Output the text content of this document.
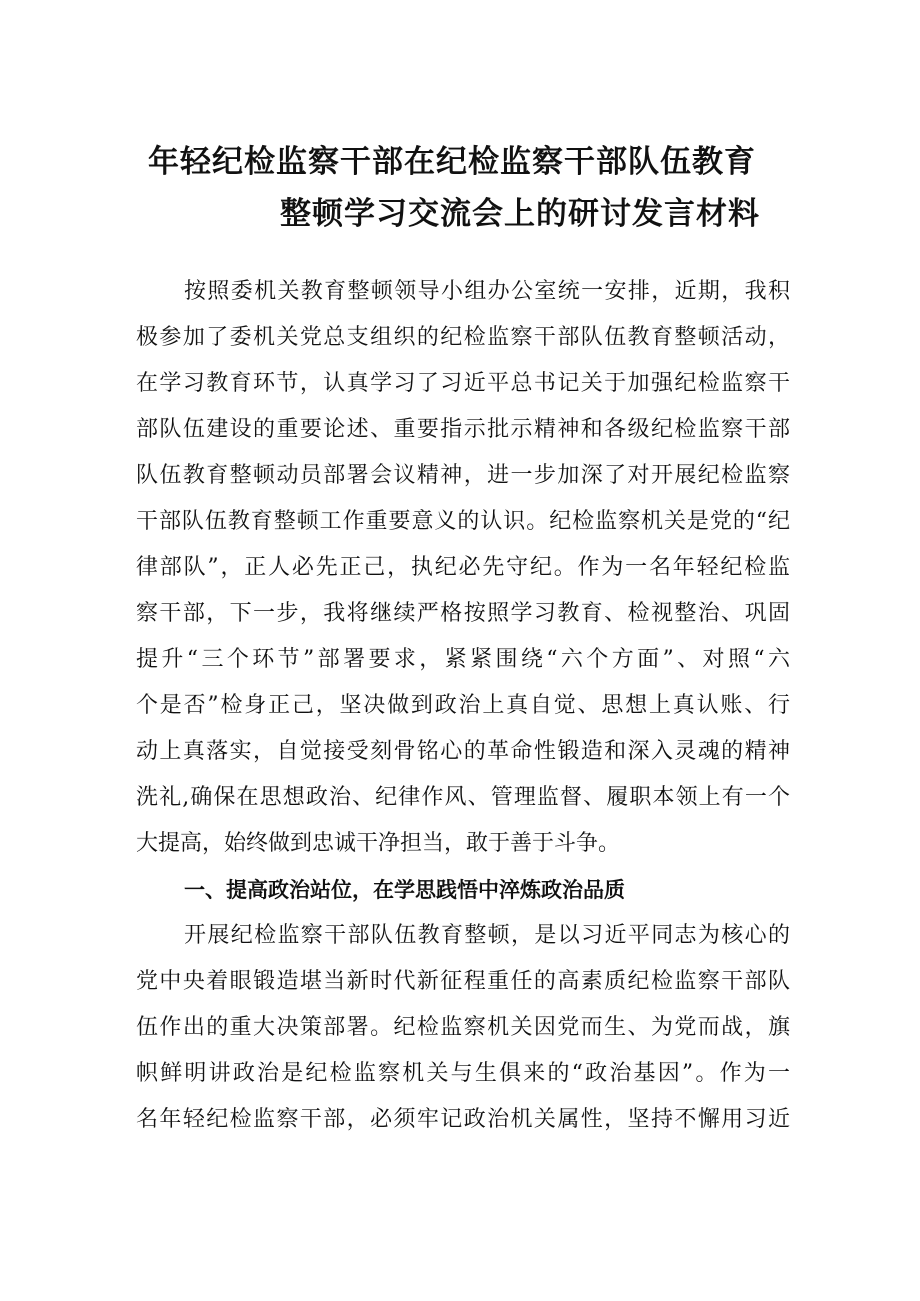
年轻纪检监察干部在纪检监察干部队伍教育
整顿学习交流会上的研讨发言材料
按照委机关教育整顿领导小组办公室统一安排，近期，我积
极参加了委机关党总支组织的纪检监察干部队伍教育整顿活动，
在学习教育环节，认真学习了习近平总书记关于加强纪检监察干
部队伍建设的重要论述、重要指示批示精神和各级纪检监察干部
队伍教育整顿动员部署会议精神，进一步加深了对开展纪检监察
干部队伍教育整顿工作重要意义的认识。纪检监察机关是党的“纪
律部队”，正人必先正己，执纪必先守纪。作为一名年轻纪检监
察干部，下一步，我将继续严格按照学习教育、检视整治、巩固
提升“三个环节”部署要求，紧紧围绕“六个方面”、对照“六
个是否”检身正己，坚决做到政治上真自觉、思想上真认账、行
动上真落实，自觉接受刻骨铭心的革命性锻造和深入灵魂的精神
洗礼,确保在思想政治、纪律作风、管理监督、履职本领上有一个
大提高，始终做到忠诚干净担当，敢于善于斗争。
一、提高政治站位，在学思践悟中淬炼政治品质
开展纪检监察干部队伍教育整顿，是以习近平同志为核心的
党中央着眼锻造堪当新时代新征程重任的高素质纪检监察干部队
伍作出的重大决策部署。纪检监察机关因党而生、为党而战，旗
帜鲜明讲政治是纪检监察机关与生俱来的“政治基因”。作为一
名年轻纪检监察干部，必须牢记政治机关属性，坚持不懈用习近
